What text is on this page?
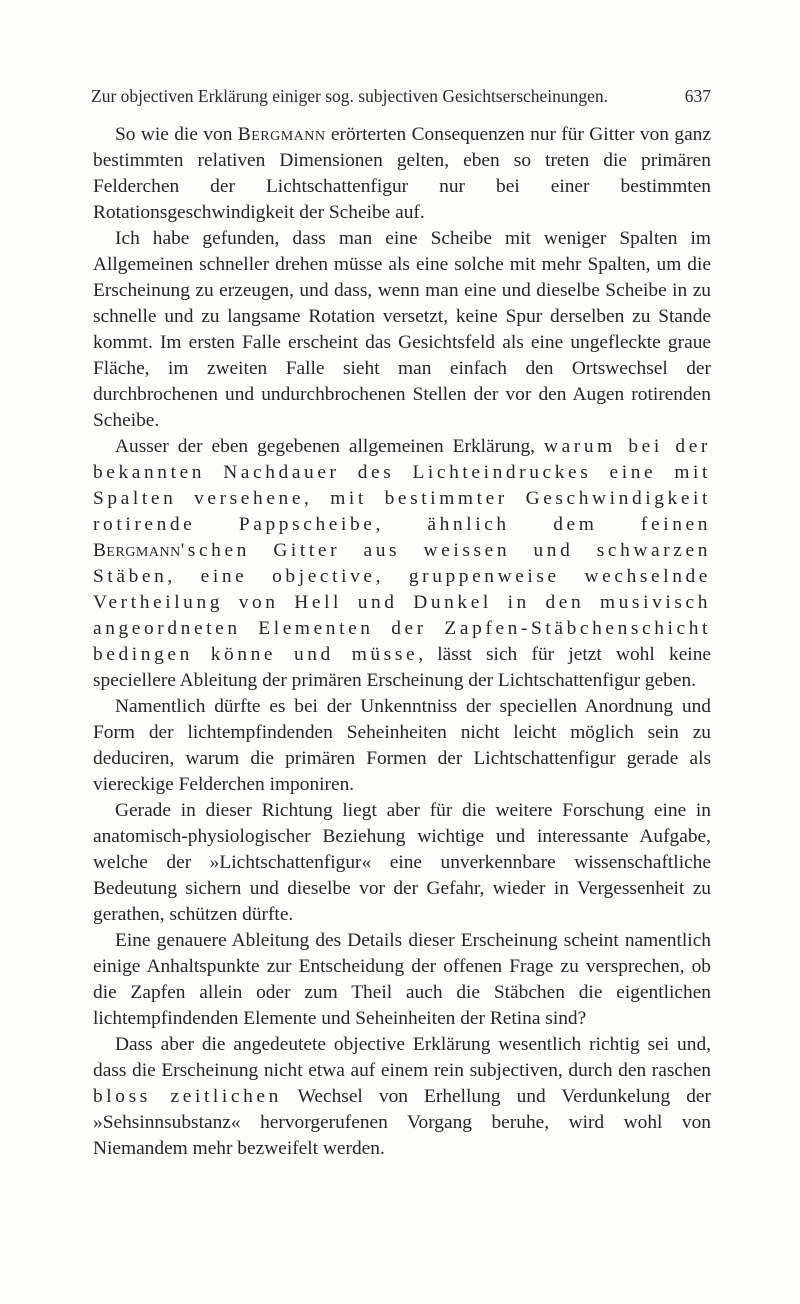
Zur objectiven Erklärung einiger sog. subjectiven Gesichtserscheinungen.	637

So wie die von Bergmann erörterten Consequenzen nur für Gitter von ganz bestimmten relativen Dimensionen gelten, eben so treten die primären Felderchen der Lichtschattenfigur nur bei einer bestimmten Rotationsgeschwindigkeit der Scheibe auf.

Ich habe gefunden, dass man eine Scheibe mit weniger Spalten im Allgemeinen schneller drehen müsse als eine solche mit mehr Spalten, um die Erscheinung zu erzeugen, und dass, wenn man eine und dieselbe Scheibe in zu schnelle und zu langsame Rotation versetzt, keine Spur derselben zu Stande kommt. Im ersten Falle erscheint das Gesichtsfeld als eine ungefleckte graue Fläche, im zweiten Falle sieht man einfach den Ortswechsel der durchbrochenen und undurchbrochenen Stellen der vor den Augen rotirenden Scheibe.

Ausser der eben gegebenen allgemeinen Erklärung, warum bei der bekannten Nachdauer des Lichteindruckes eine mit Spalten versehene, mit bestimmter Geschwindigkeit rotirende Pappscheibe, ähnlich dem feinen Bergmann'schen Gitter aus weissen und schwarzen Stäben, eine objective, gruppenweise wechselnde Vertheilung von Hell und Dunkel in den musivisch angeordneten Elementen der Zapfen-Stäbchenschicht bedingen könne und müsse, lässt sich für jetzt wohl keine speciellere Ableitung der primären Erscheinung der Lichtschattenfigur geben.

Namentlich dürfte es bei der Unkenntniss der speciellen Anordnung und Form der lichtempfindenden Seheinheiten nicht leicht möglich sein zu deduciren, warum die primären Formen der Lichtschattenfigur gerade als viereckige Felderchen imponiren.

Gerade in dieser Richtung liegt aber für die weitere Forschung eine in anatomisch-physiologischer Beziehung wichtige und interessante Aufgabe, welche der »Lichtschattenfigur« eine unverkennbare wissenschaftliche Bedeutung sichern und dieselbe vor der Gefahr, wieder in Vergessenheit zu gerathen, schützen dürfte.

Eine genauere Ableitung des Details dieser Erscheinung scheint namentlich einige Anhaltspunkte zur Entscheidung der offenen Frage zu versprechen, ob die Zapfen allein oder zum Theil auch die Stäbchen die eigentlichen lichtempfindenden Elemente und Seheinheiten der Retina sind?

Dass aber die angedeutete objective Erklärung wesentlich richtig sei und, dass die Erscheinung nicht etwa auf einem rein subjectiven, durch den raschen bloss zeitlichen Wechsel von Erhellung und Verdunkelung der »Sehsinnsubstanz« hervorgerufenen Vorgang beruhe, wird wohl von Niemandem mehr bezweifelt werden.
